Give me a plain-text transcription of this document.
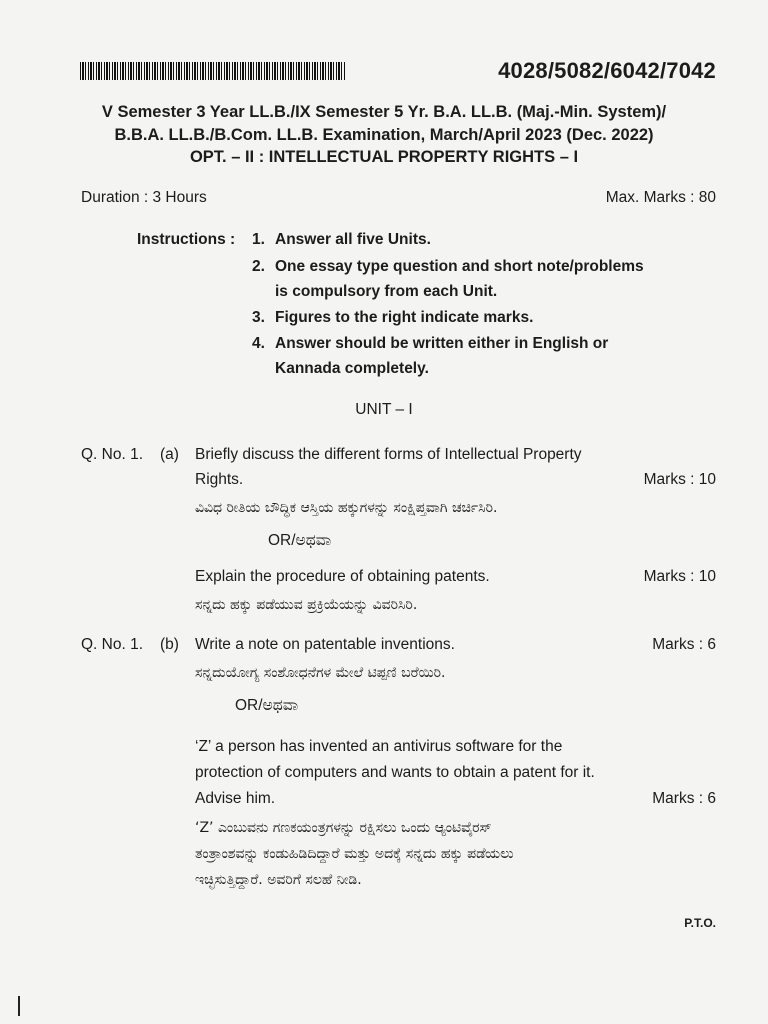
4028/5082/6042/7042
V Semester 3 Year LL.B./IX Semester 5 Yr. B.A. LL.B. (Maj.-Min. System)/
B.B.A. LL.B./B.Com. LL.B. Examination, March/April 2023 (Dec. 2022)
OPT. – II : INTELLECTUAL PROPERTY RIGHTS – I
Duration : 3 Hours	Max. Marks : 80
Instructions : 1. Answer all five Units.
2. One essay type question and short note/problems
is compulsory from each Unit.
3. Figures to the right indicate marks.
4. Answer should be written either in English or
Kannada completely.
UNIT – I
Q. No. 1. (a) Briefly discuss the different forms of Intellectual Property
Rights.	Marks : 10
ವಿವಿಧ ರೀತಿಯ ಬೌದ್ಧಿಕ ಆಸ್ತಿಯ ಹಕ್ಕುಗಳನ್ನು ಸಂಕ್ಷಿಪ್ತವಾಗಿ ಚರ್ಚಿಸಿರಿ.
OR/ಅಥವಾ
Explain the procedure of obtaining patents.	Marks : 10
ಸನ್ನದು ಹಕ್ಕು ಪಡೆಯುವ ಪ್ರಕ್ರಿಯೆಯನ್ನು ವಿವರಿಸಿರಿ.
Q. No. 1. (b) Write a note on patentable inventions.	Marks : 6
ಸನ್ನದುಯೋಗ್ಯ ಸಂಶೋಧನೆಗಳ ಮೇಲೆ ಟಿಪ್ಪಣಿ ಬರೆಯಿರಿ.
OR/ಅಥವಾ
‘Z’ a person has invented an antivirus software for the
protection of computers and wants to obtain a patent for it.
Advise him.	Marks : 6
‘Z’ ಎಂಬುವನು ಗಣಕಯಂತ್ರಗಳನ್ನು ರಕ್ಷಿಸಲು ಒಂದು ಆ್ಯಂಟಿವೈರಸ್
ತಂತ್ರಾಂಶವನ್ನು ಕಂಡುಹಿಡಿದಿದ್ದಾರೆ ಮತ್ತು ಅದಕ್ಕೆ ಸನ್ನದು ಹಕ್ಕು ಪಡೆಯಲು
ಇಚ್ಛಿಸುತ್ತಿದ್ದಾರೆ. ಅವರಿಗೆ ಸಲಹೆ ನೀಡಿ.
P.T.O.
